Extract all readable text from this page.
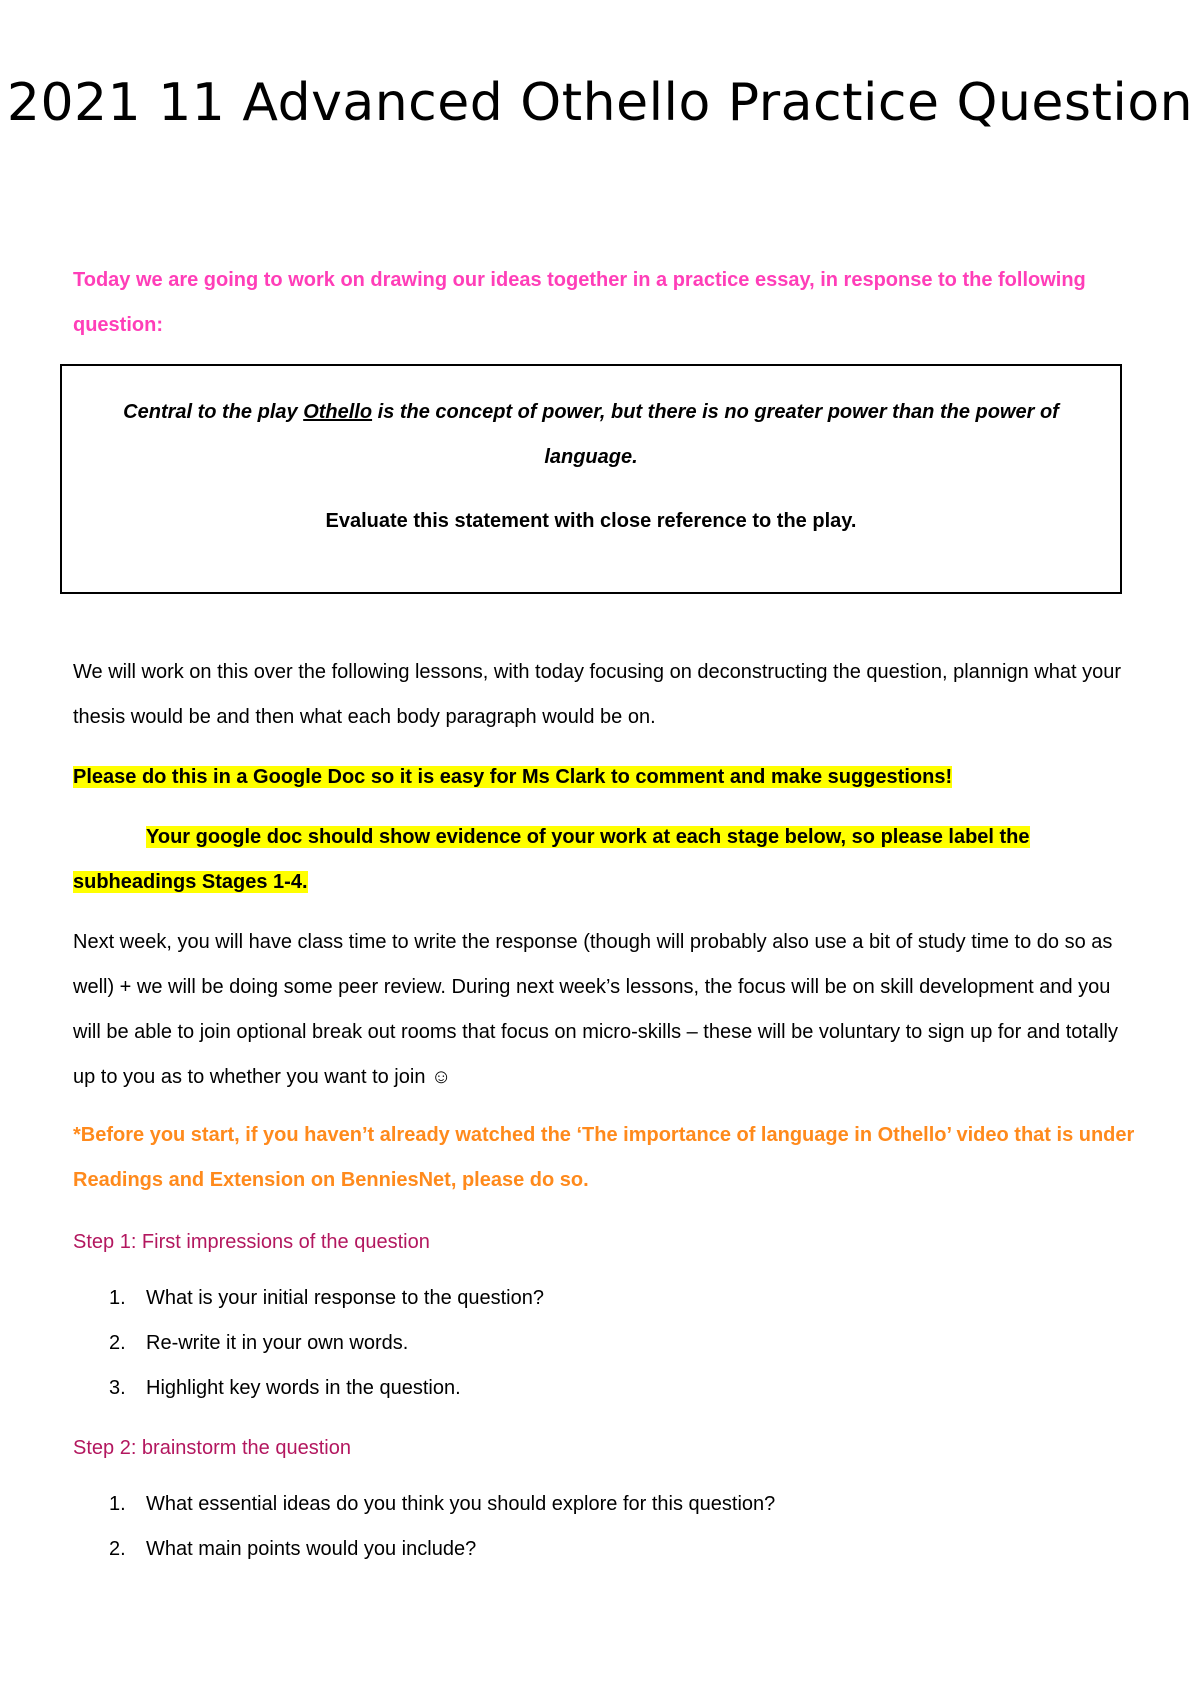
2021 11 Advanced Othello Practice Question
Today we are going to work on drawing our ideas together in a practice essay, in response to the following question:
Central to the play Othello is the concept of power, but there is no greater power than the power of language.
Evaluate this statement with close reference to the play.
We will work on this over the following lessons, with today focusing on deconstructing the question, plannign what your thesis would be and then what each body paragraph would be on.
Please do this in a Google Doc so it is easy for Ms Clark to comment and make suggestions!
Your google doc should show evidence of your work at each stage below, so please label the subheadings Stages 1-4.
Next week, you will have class time to write the response (though will probably also use a bit of study time to do so as well) + we will be doing some peer review. During next week’s lessons, the focus will be on skill development and you will be able to join optional break out rooms that focus on micro-skills – these will be voluntary to sign up for and totally up to you as to whether you want to join ☺
*Before you start, if you haven’t already watched the ‘The importance of language in Othello’ video that is under Readings and Extension on BenniesNet, please do so.
Step 1: First impressions of the question
1. What is your initial response to the question?
2. Re-write it in your own words.
3. Highlight key words in the question.
Step 2: brainstorm the question
1. What essential ideas do you think you should explore for this question?
2. What main points would you include?
